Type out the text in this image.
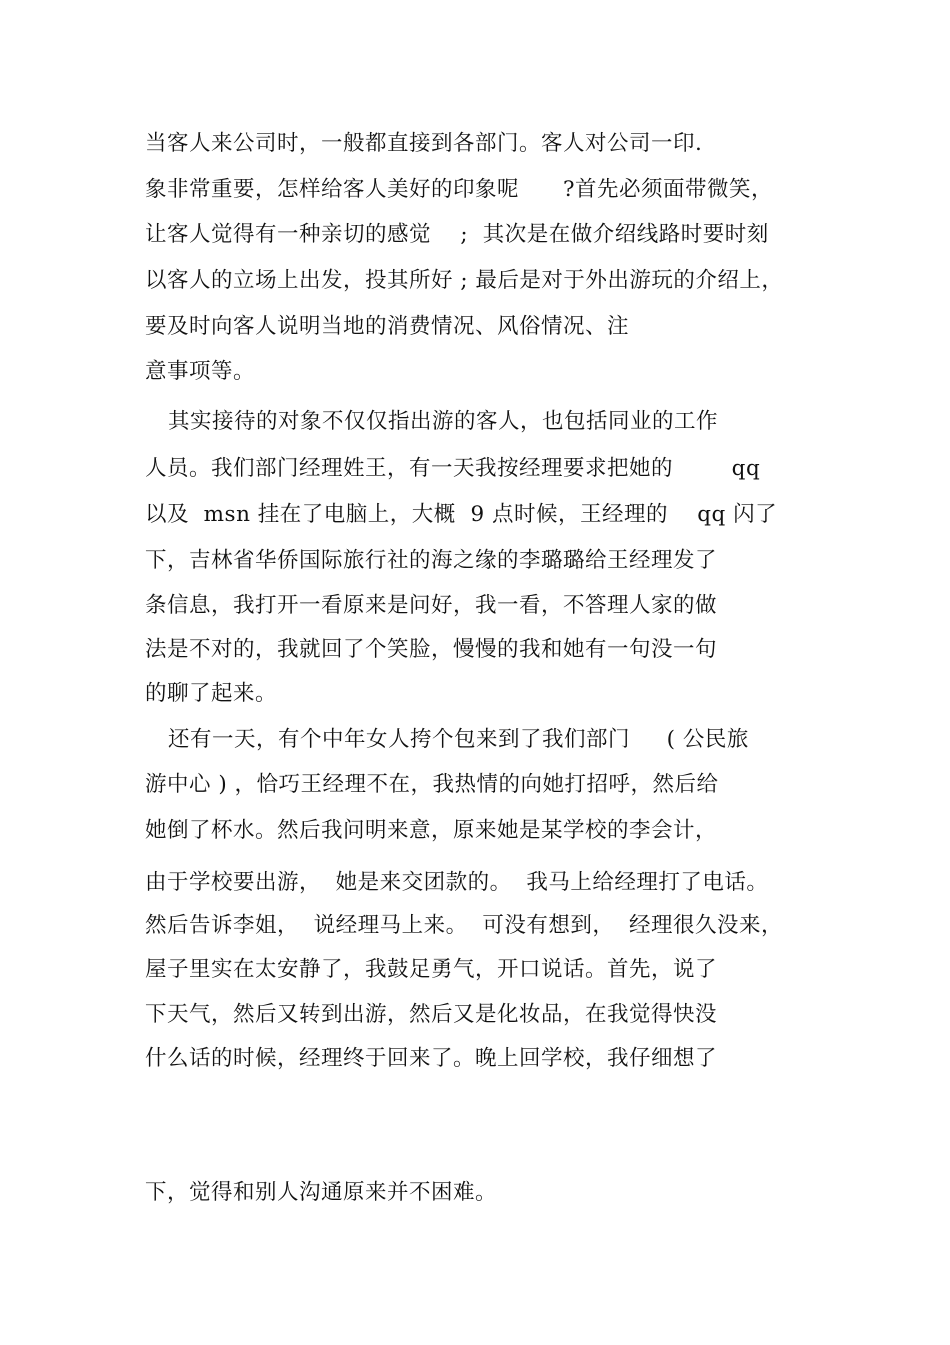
当客人来公司时，一般都直接到各部门。客人对公司一印.
象非常重要，怎样给客人美好的印象呢      ?首先必须面带微笑，
让客人觉得有一种亲切的感觉    ;  其次是在做介绍线路时要时刻
以客人的立场上出发，投其所好 ; 最后是对于外出游玩的介绍上，
要及时向客人说明当地的消费情况、风俗情况、注
意事项等。
其实接待的对象不仅仅指出游的客人，也包括同业的工作
人员。我们部门经理姓王，有一天我按经理要求把她的        qq
以及  msn 挂在了电脑上，大概  9 点时候，王经理的    qq 闪了
下，吉林省华侨国际旅行社的海之缘的李璐璐给王经理发了
条信息，我打开一看原来是问好，我一看，不答理人家的做
法是不对的，我就回了个笑脸，慢慢的我和她有一句没一句
的聊了起来。
还有一天，有个中年女人挎个包来到了我们部门     ( 公民旅
游中心 ) ，恰巧王经理不在，我热情的向她打招呼，然后给
她倒了杯水。然后我问明来意，原来她是某学校的李会计，
由于学校要出游，  她是来交团款的。  我马上给经理打了电话。
然后告诉李姐，  说经理马上来。  可没有想到，  经理很久没来，
屋子里实在太安静了，我鼓足勇气，开口说话。首先，说了
下天气，然后又转到出游，然后又是化妆品，在我觉得快没
什么话的时候，经理终于回来了。晚上回学校，我仔细想了
下，觉得和别人沟通原来并不困难。
